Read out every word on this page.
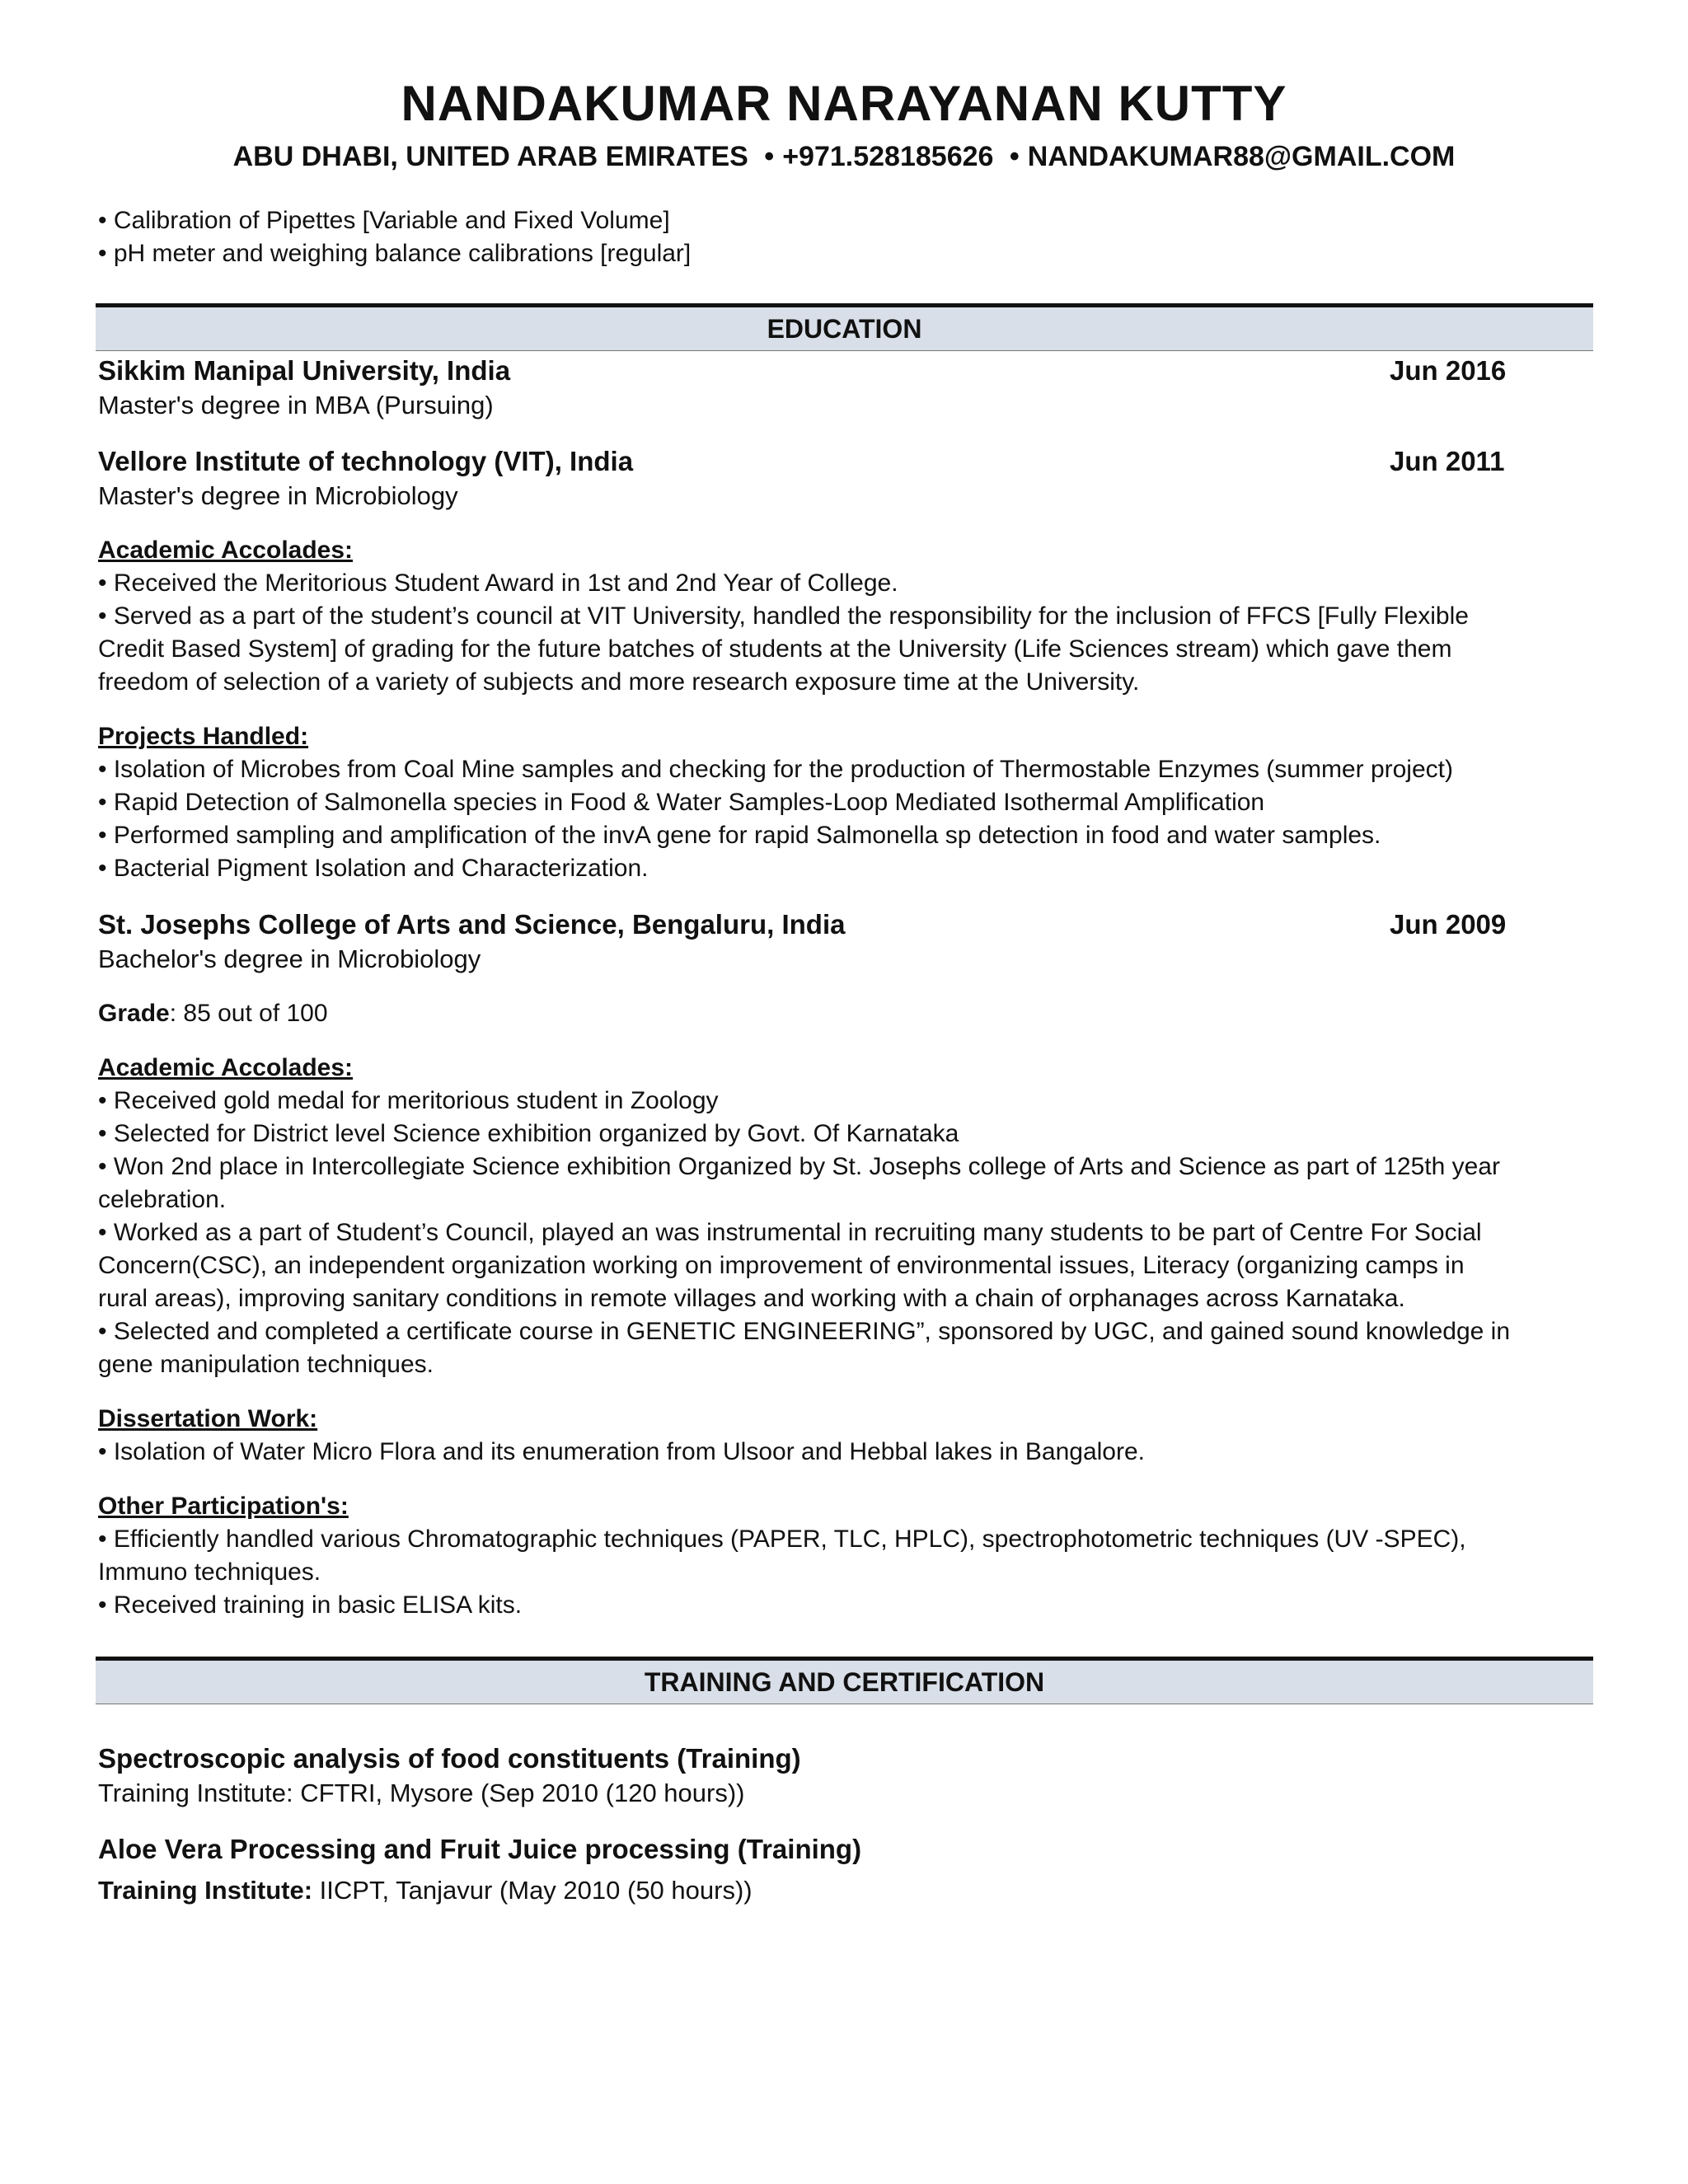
NANDAKUMAR NARAYANAN KUTTY
ABU DHABI, UNITED ARAB EMIRATES • +971.528185626 • NANDAKUMAR88@GMAIL.COM
• Calibration of Pipettes [Variable and Fixed Volume]
• pH meter and weighing balance calibrations [regular]
EDUCATION
Sikkim Manipal University, India	Jun 2016
Master's degree in MBA (Pursuing)
Vellore Institute of technology (VIT), India	Jun 2011
Master's degree in Microbiology
Academic Accolades:
• Received the Meritorious Student Award in 1st and 2nd Year of College.
• Served as a part of the student’s council at VIT University, handled the responsibility for the inclusion of FFCS [Fully Flexible
Credit Based System] of grading for the future batches of students at the University (Life Sciences stream) which gave them
freedom of selection of a variety of subjects and more research exposure time at the University.
Projects Handled:
• Isolation of Microbes from Coal Mine samples and checking for the production of Thermostable Enzymes (summer project)
• Rapid Detection of Salmonella species in Food & Water Samples-Loop Mediated Isothermal Amplification
• Performed sampling and amplification of the invA gene for rapid Salmonella sp detection in food and water samples.
• Bacterial Pigment Isolation and Characterization.
St. Josephs College of Arts and Science, Bengaluru, India	Jun 2009
Bachelor's degree in Microbiology
Grade: 85 out of 100
Academic Accolades:
• Received gold medal for meritorious student in Zoology
• Selected for District level Science exhibition organized by Govt. Of Karnataka
• Won 2nd place in Intercollegiate Science exhibition Organized by St. Josephs college of Arts and Science as part of 125th year
celebration.
• Worked as a part of Student’s Council, played an was instrumental in recruiting many students to be part of Centre For Social
Concern(CSC), an independent organization working on improvement of environmental issues, Literacy (organizing camps in
rural areas), improving sanitary conditions in remote villages and working with a chain of orphanages across Karnataka.
• Selected and completed a certificate course in GENETIC ENGINEERING”, sponsored by UGC, and gained sound knowledge in
gene manipulation techniques.
Dissertation Work:
• Isolation of Water Micro Flora and its enumeration from Ulsoor and Hebbal lakes in Bangalore.
Other Participation's:
• Efficiently handled various Chromatographic techniques (PAPER, TLC, HPLC), spectrophotometric techniques (UV -SPEC),
Immuno techniques.
• Received training in basic ELISA kits.
TRAINING AND CERTIFICATION
Spectroscopic analysis of food constituents (Training)
Training Institute: CFTRI, Mysore (Sep 2010 (120 hours))
Aloe Vera Processing and Fruit Juice processing (Training)
Training Institute: IICPT, Tanjavur (May 2010 (50 hours))
